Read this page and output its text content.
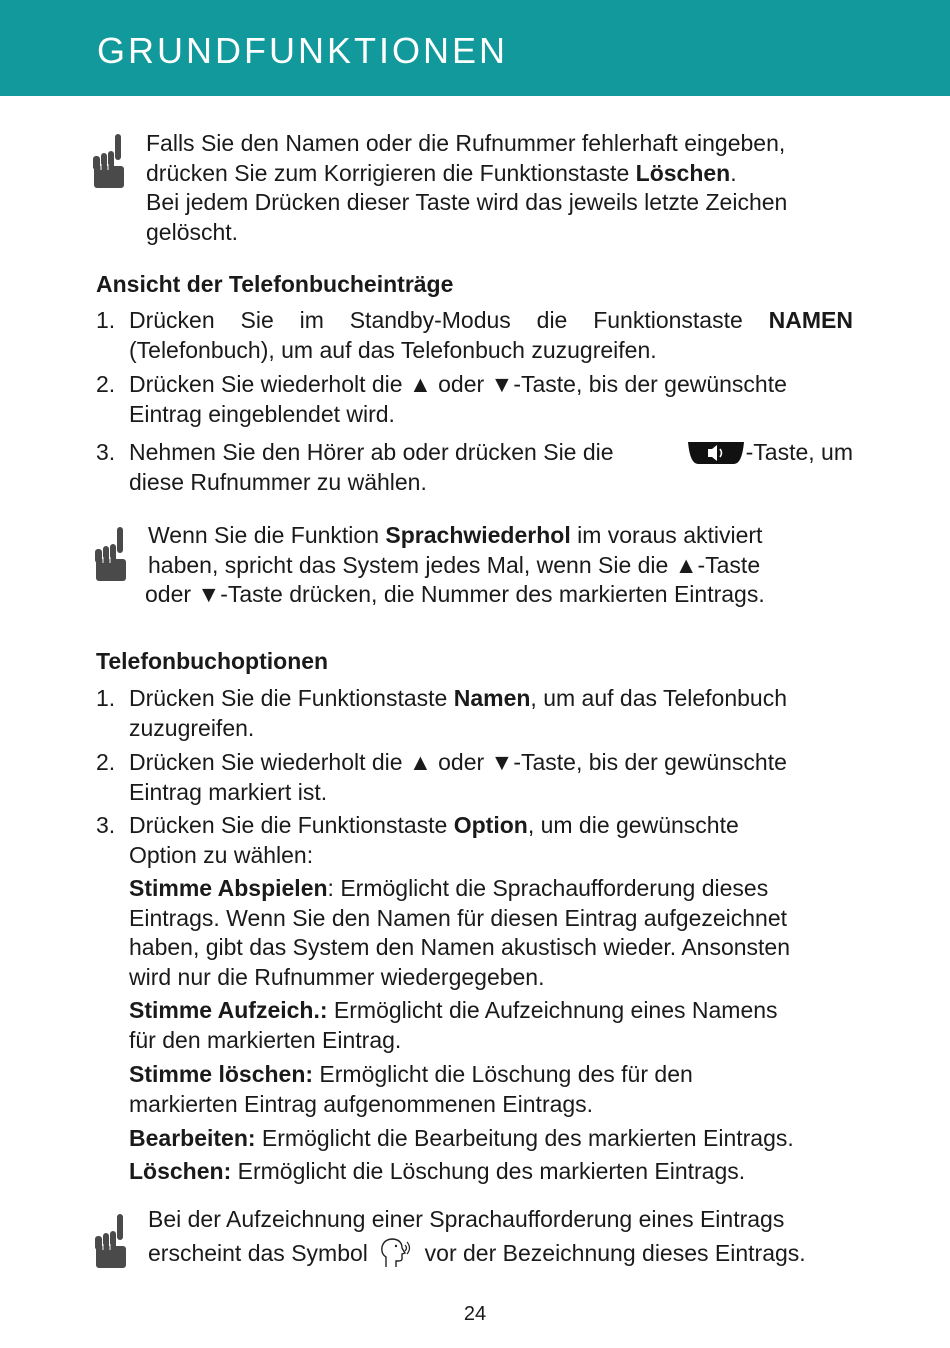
GRUNDFUNKTIONEN
Falls Sie den Namen oder die Rufnummer fehlerhaft eingeben,
drücken Sie zum Korrigieren die Funktionstaste Löschen.
Bei jedem Drücken dieser Taste wird das jeweils letzte Zeichen
gelöscht.
Ansicht der Telefonbucheinträge
1. Drücken Sie im Standby-Modus die Funktionstaste NAMEN
(Telefonbuch), um auf das Telefonbuch zuzugreifen.
2. Drücken Sie wiederholt die ▲ oder ▼-Taste, bis der gewünschte
Eintrag eingeblendet wird.
3. Nehmen Sie den Hörer ab oder drücken Sie die	-Taste, um
diese Rufnummer zu wählen.
Wenn Sie die Funktion Sprachwiederhol im voraus aktiviert
haben, spricht das System jedes Mal, wenn Sie die ▲-Taste
oder ▼-Taste drücken, die Nummer des markierten Eintrags.
Telefonbuchoptionen
1. Drücken Sie die Funktionstaste Namen, um auf das Telefonbuch
zuzugreifen.
2. Drücken Sie wiederholt die ▲ oder ▼-Taste, bis der gewünschte
Eintrag markiert ist.
3. Drücken Sie die Funktionstaste Option, um die gewünschte
Option zu wählen:
Stimme Abspielen: Ermöglicht die Sprachaufforderung dieses
Eintrags. Wenn Sie den Namen für diesen Eintrag aufgezeichnet
haben, gibt das System den Namen akustisch wieder. Ansonsten
wird nur die Rufnummer wiedergegeben.
Stimme Aufzeich.: Ermöglicht die Aufzeichnung eines Namens
für den markierten Eintrag.
Stimme löschen: Ermöglicht die Löschung des für den
markierten Eintrag aufgenommenen Eintrags.
Bearbeiten: Ermöglicht die Bearbeitung des markierten Eintrags.
Löschen: Ermöglicht die Löschung des markierten Eintrags.
Bei der Aufzeichnung einer Sprachaufforderung eines Eintrags
erscheint das Symbol vor der Bezeichnung dieses Eintrags.
24
